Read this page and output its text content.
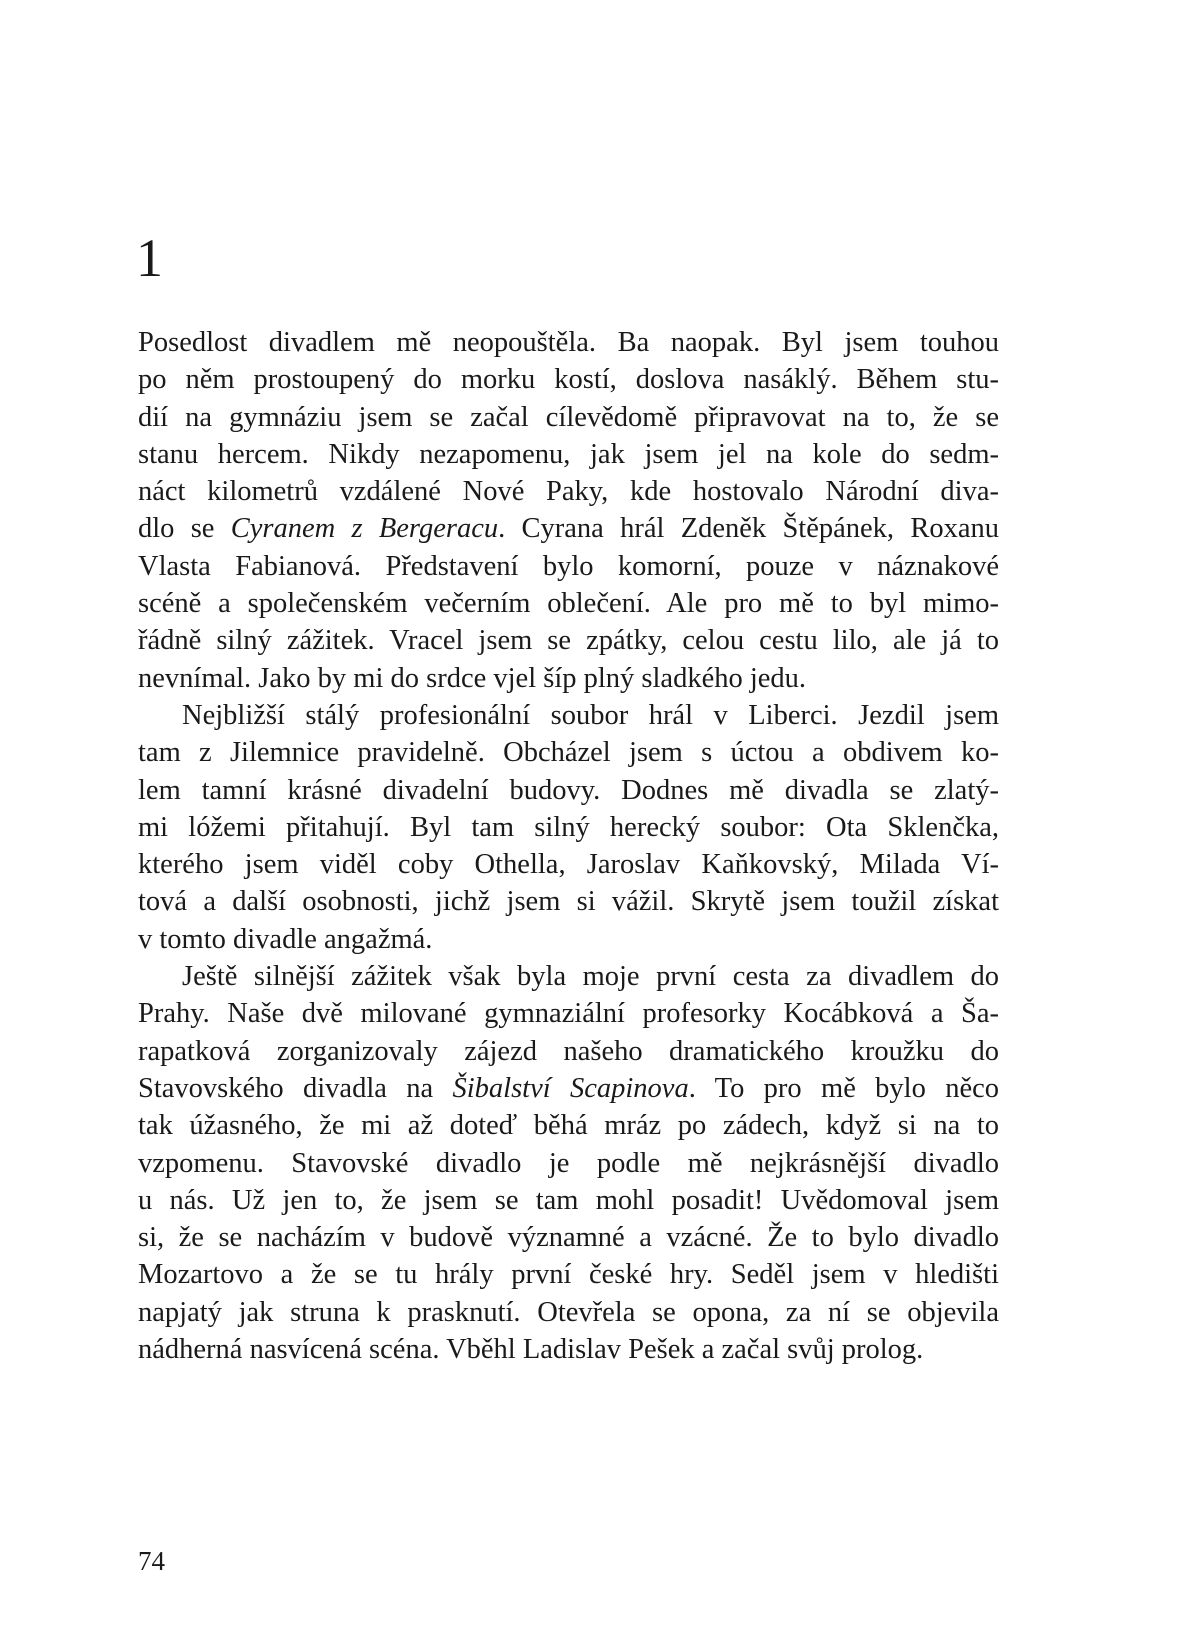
1
Posedlost divadlem mě neopouštěla. Ba naopak. Byl jsem touhou
po něm prostoupený do morku kostí, doslova nasáklý. Během stu-
dií na gymnáziu jsem se začal cílevědomě připravovat na to, že se
stanu hercem. Nikdy nezapomenu, jak jsem jel na kole do sedm-
náct kilometrů vzdálené Nové Paky, kde hostovalo Národní diva-
dlo se Cyranem z Bergeracu. Cyrana hrál Zdeněk Štěpánek, Roxanu
Vlasta Fabianová. Představení bylo komorní, pouze v náznakové
scéně a společenském večerním oblečení. Ale pro mě to byl mimo-
řádně silný zážitek. Vracel jsem se zpátky, celou cestu lilo, ale já to
nevnímal. Jako by mi do srdce vjel šíp plný sladkého jedu.
Nejbližší stálý profesionální soubor hrál v Liberci. Jezdil jsem
tam z Jilemnice pravidelně. Obcházel jsem s úctou a obdivem ko-
lem tamní krásné divadelní budovy. Dodnes mě divadla se zlatý-
mi lóžemi přitahují. Byl tam silný herecký soubor: Ota Sklenčka,
kterého jsem viděl coby Othella, Jaroslav Kaňkovský, Milada Ví-
tová a další osobnosti, jichž jsem si vážil. Skrytě jsem toužil získat
v tomto divadle angažmá.
Ještě silnější zážitek však byla moje první cesta za divadlem do
Prahy. Naše dvě milované gymnaziální profesorky Kocábková a Ša-
rapatková zorganizovaly zájezd našeho dramatického kroužku do
Stavovského divadla na Šibalství Scapinova. To pro mě bylo něco
tak úžasného, že mi až doteď běhá mráz po zádech, když si na to
vzpomenu. Stavovské divadlo je podle mě nejkrásnější divadlo
u nás. Už jen to, že jsem se tam mohl posadit! Uvědomoval jsem
si, že se nacházím v budově významné a vzácné. Že to bylo divadlo
Mozartovo a že se tu hrály první české hry. Seděl jsem v hledišti
napjatý jak struna k prasknutí. Otevřela se opona, za ní se objevila
nádherná nasvícená scéna. Vběhl Ladislav Pešek a začal svůj prolog.
74
